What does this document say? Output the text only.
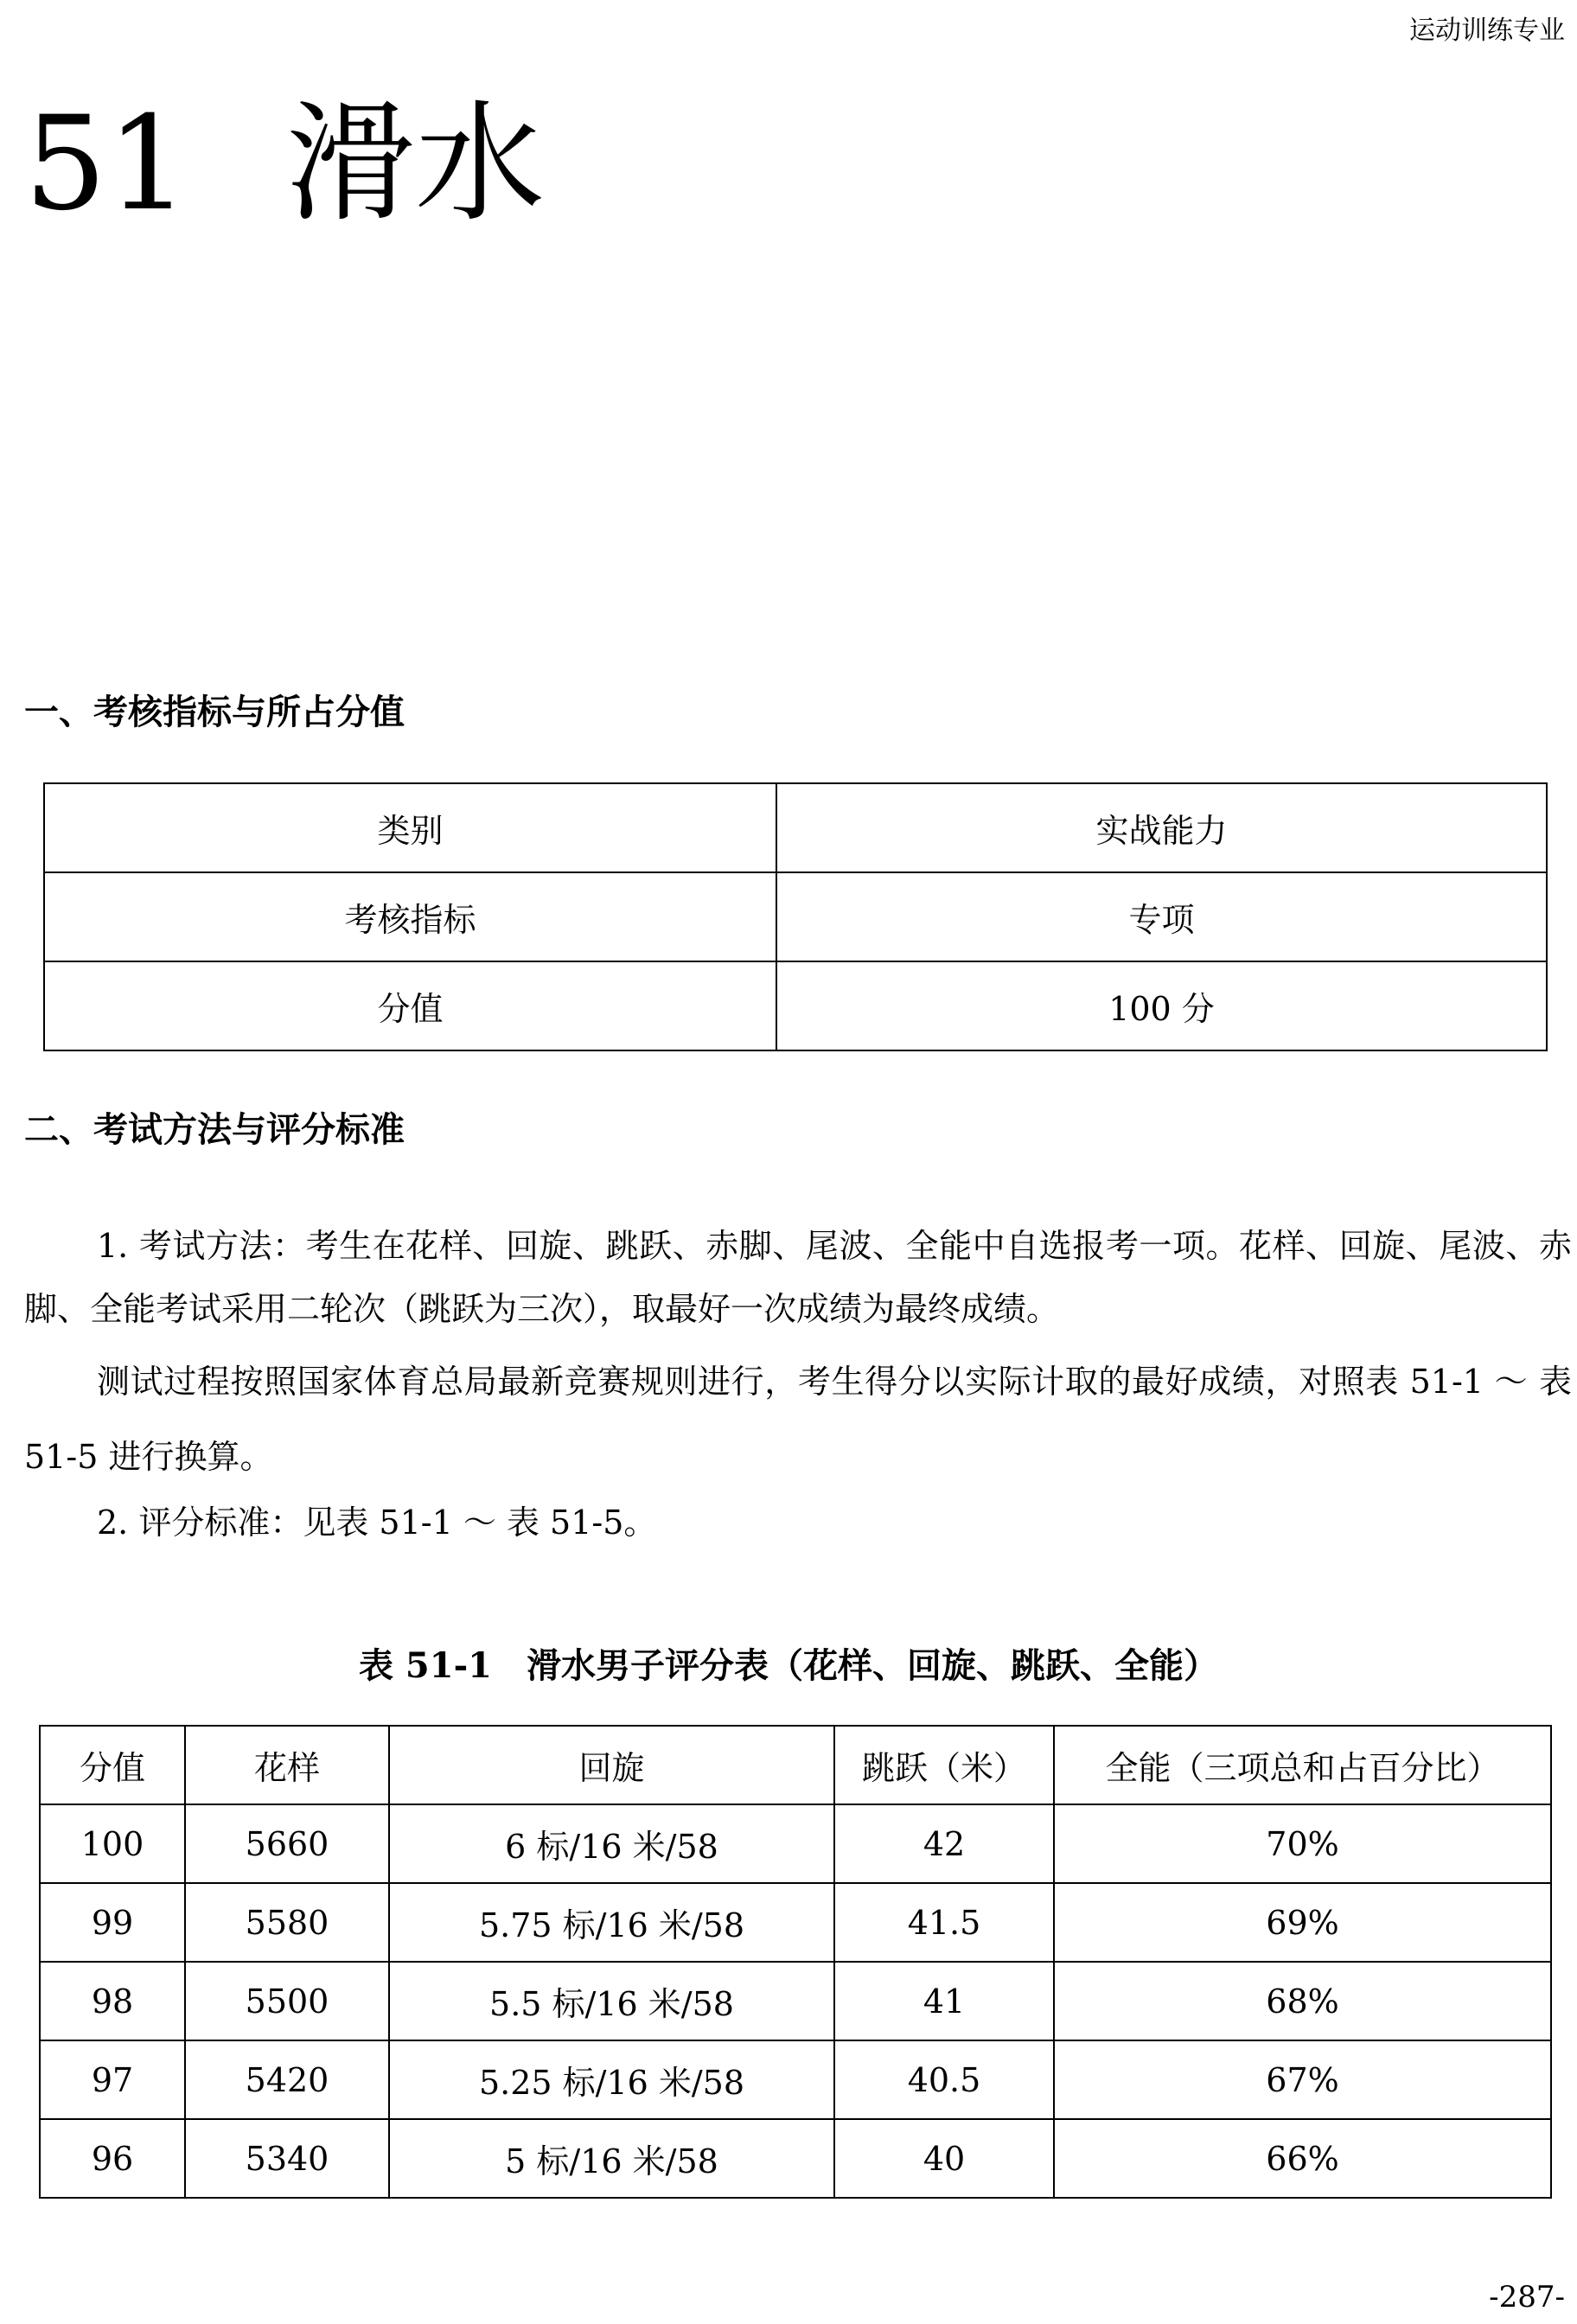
运动训练专业
51 滑水
一、考核指标与所占分值
类别	实战能力
考核指标	专项
分值	100 分
二、考试方法与评分标准

1. 考试方法：考生在花样、回旋、跳跃、赤脚、尾波、全能中自选报考一项。花样、回旋、尾波、赤脚、全能考试采用二轮次（跳跃为三次），取最好一次成绩为最终成绩。

测试过程按照国家体育总局最新竞赛规则进行，考生得分以实际计取的最好成绩，对照表 51-1 ～ 表 51-5 进行换算。

2. 评分标准：见表 51-1 ～ 表 51-5。

表 51-1　滑水男子评分表（花样、回旋、跳跃、全能）
分值	花样	回旋	跳跃（米）	全能（三项总和占百分比）
100	5660	6 标/16 米/58	42	70%
99	5580	5.75 标/16 米/58	41.5	69%
98	5500	5.5 标/16 米/58	41	68%
97	5420	5.25 标/16 米/58	40.5	67%
96	5340	5 标/16 米/58	40	66%
-287-
